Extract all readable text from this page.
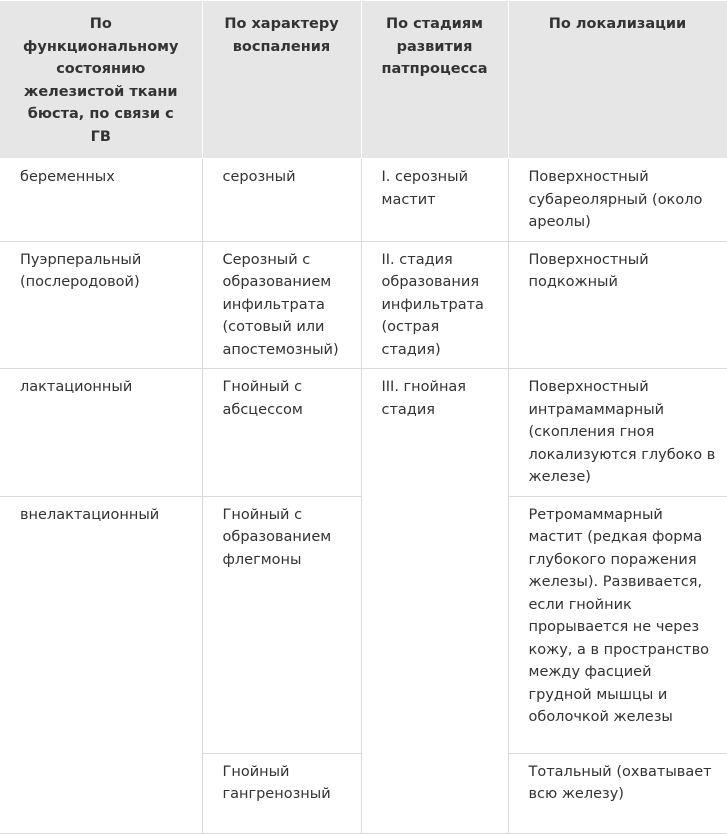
По функциональному состоянию железистой ткани бюста, по связи с ГВ	По характеру воспаления	По стадиям развития патпроцесса	По локализации
беременных	серозный	I. серозный мастит	Поверхностный субареолярный (около ареолы)
Пуэрперальный (послеродовой)	Серозный с образованием инфильтрата (сотовый или апостемозный)	II. стадия образования инфильтрата (острая стадия)	Поверхностный подкожный
лактационный	Гнойный с абсцессом	III. гнойная стадия	Поверхностный интрамаммарный (скопления гноя локализуются глубоко в железе)
внелактационный	Гнойный с образованием флегмоны		Ретромаммарный мастит (редкая форма глубокого поражения железы). Развивается, если гнойник прорывается не через кожу, а в пространство между фасцией грудной мышцы и оболочкой железы
	Гнойный гангренозный		Тотальный (охватывает всю железу)
